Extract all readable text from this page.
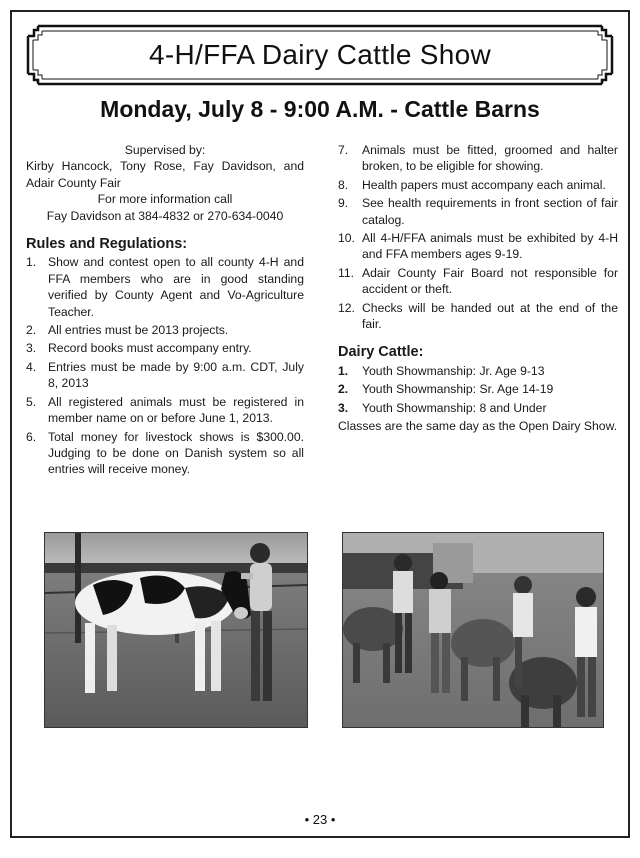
4-H/FFA Dairy Cattle Show
Monday, July 8 - 9:00 A.M. - Cattle Barns
Supervised by:
Kirby Hancock, Tony Rose, Fay Davidson, and Adair County Fair
For more information call
Fay Davidson at 384-4832 or 270-634-0040
Rules and Regulations:
1. Show and contest open to all county 4-H and FFA members who are in good standing verified by County Agent and Vo-Agriculture Teacher.
2. All entries must be 2013 projects.
3. Record books must accompany entry.
4. Entries must be made by 9:00 a.m. CDT, July 8, 2013
5. All registered animals must be registered in member name on or before June 1, 2013.
6. Total money for livestock shows is $300.00. Judging to be done on Danish system so all entries will receive money.
7.	Animals must be fitted, groomed and halter broken, to be eligible for showing.
8.	Health papers must accompany each animal.
9.	See health requirements in front section of fair catalog.
10. All 4-H/FFA animals must be exhibited by 4-H and FFA members ages 9-19.
11. Adair County Fair Board not responsible for accident or theft.
12. Checks will be handed out at the end of the fair.
Dairy Cattle:
1.	Youth Showmanship: Jr. Age 9-13
2.	Youth Showmanship: Sr. Age 14-19
3.	Youth Showmanship: 8 and Under
Classes are the same day as the Open Dairy Show.
• 23 •
